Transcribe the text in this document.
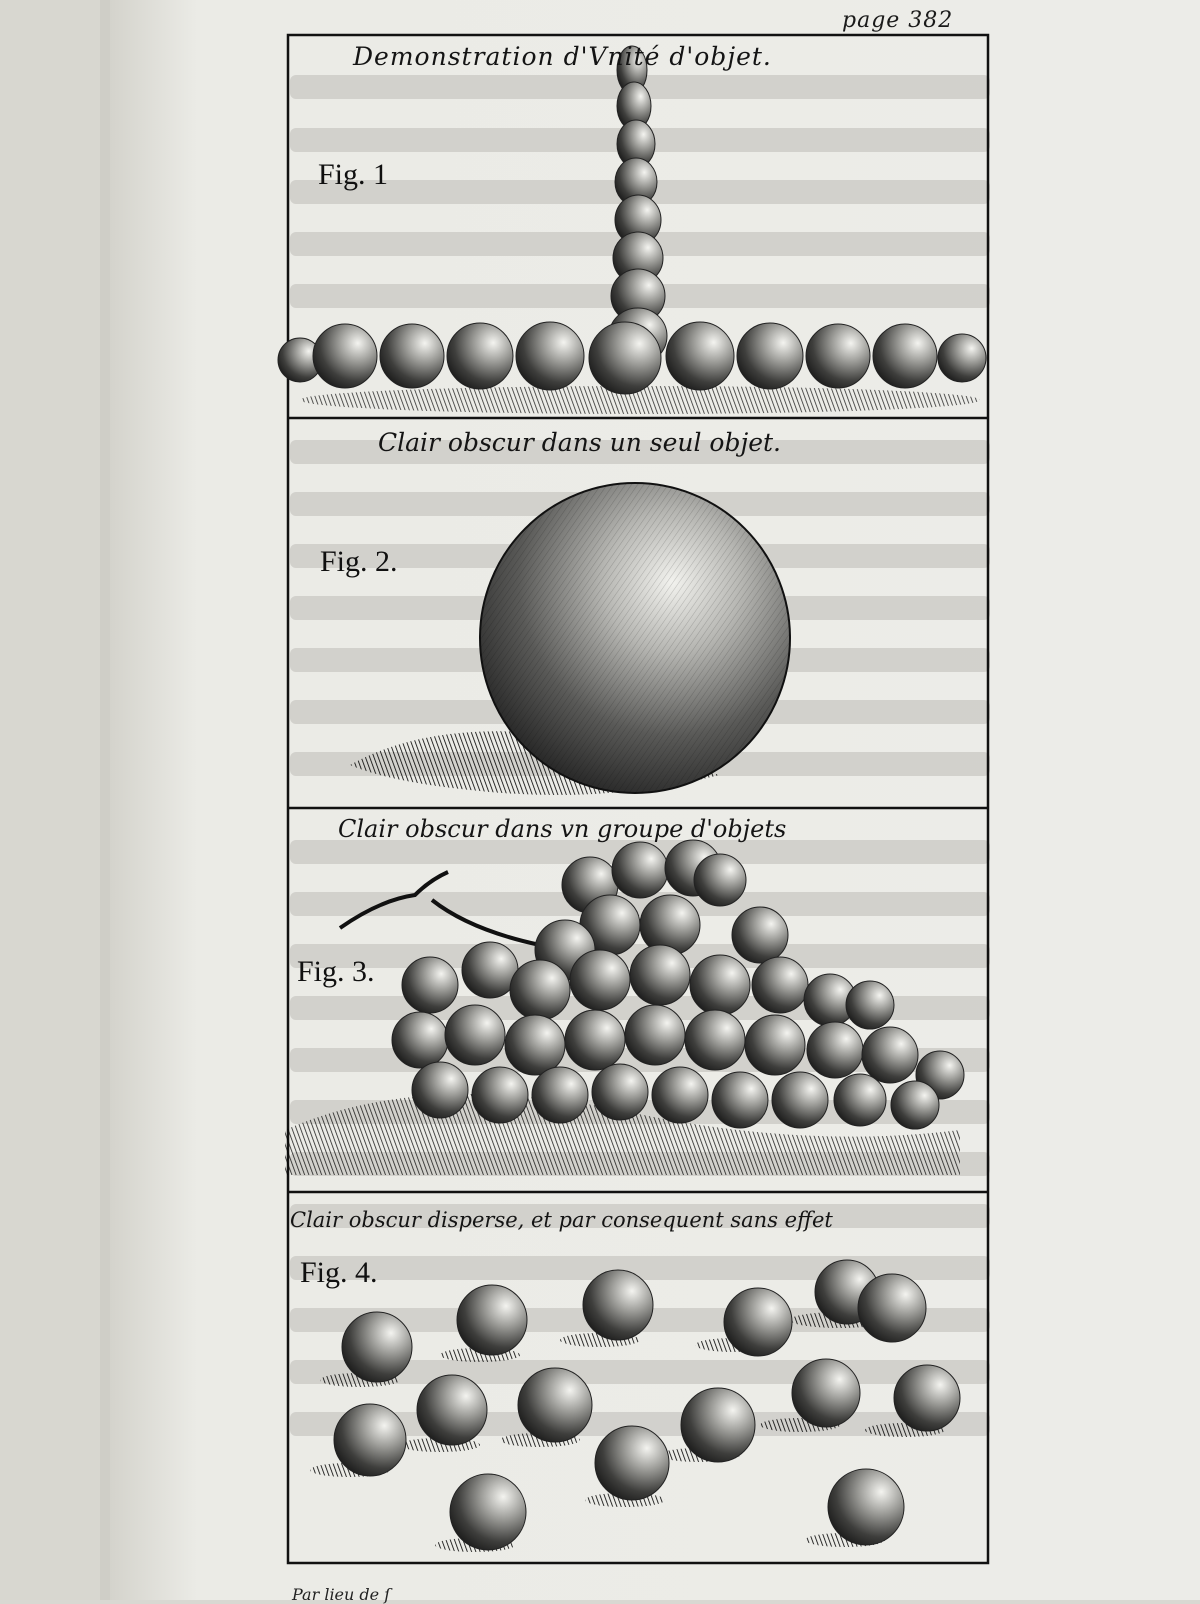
page 382
Demonstration d'Vnité d'objet.
Fig. 1
Clair obscur dans un seul objet.
Fig. 2.
Clair obscur dans vn groupe d'objets
Fig. 3.
Clair obscur disperse, et par consequent sans effet
Fig. 4.
Par lieu de ſ
